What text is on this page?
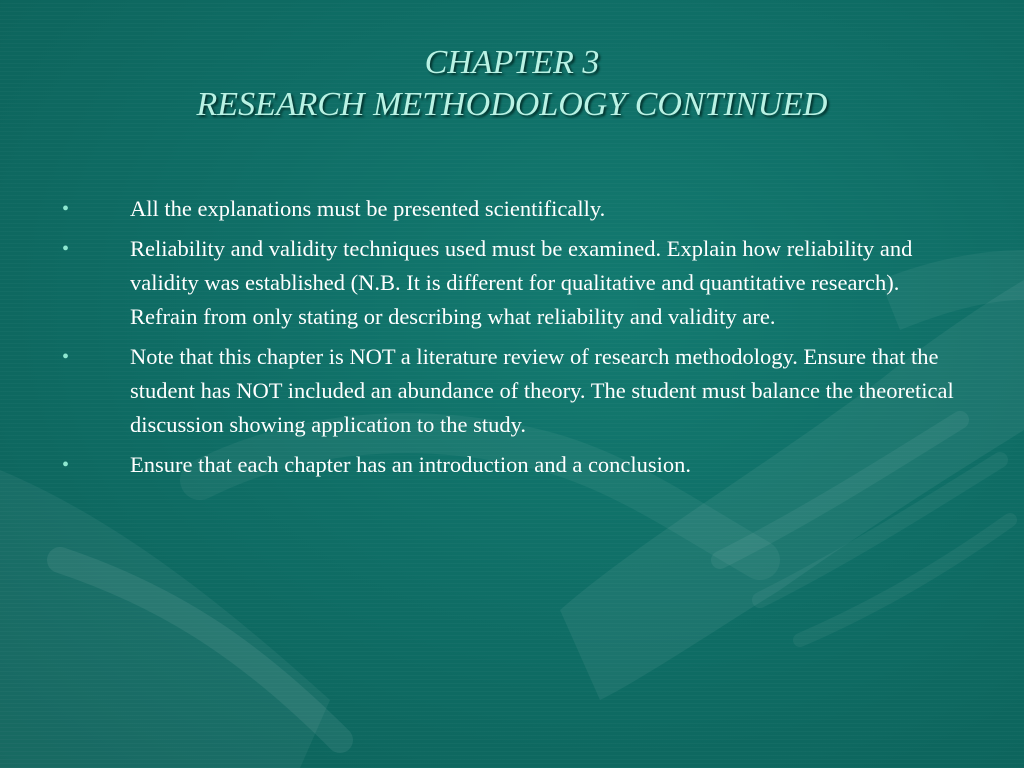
CHAPTER 3
RESEARCH METHODOLOGY CONTINUED
•	All the explanations must be presented scientifically.
•	Reliability and validity techniques used must be examined. Explain how reliability and validity was established (N.B. It is different for qualitative and quantitative research). Refrain from only stating or describing what reliability and validity are.
•	Note that this chapter is NOT a literature review of research methodology. Ensure that the student has NOT included an abundance of theory. The student must balance the theoretical discussion showing application to the study.
•	Ensure that each chapter has an introduction and a conclusion.
